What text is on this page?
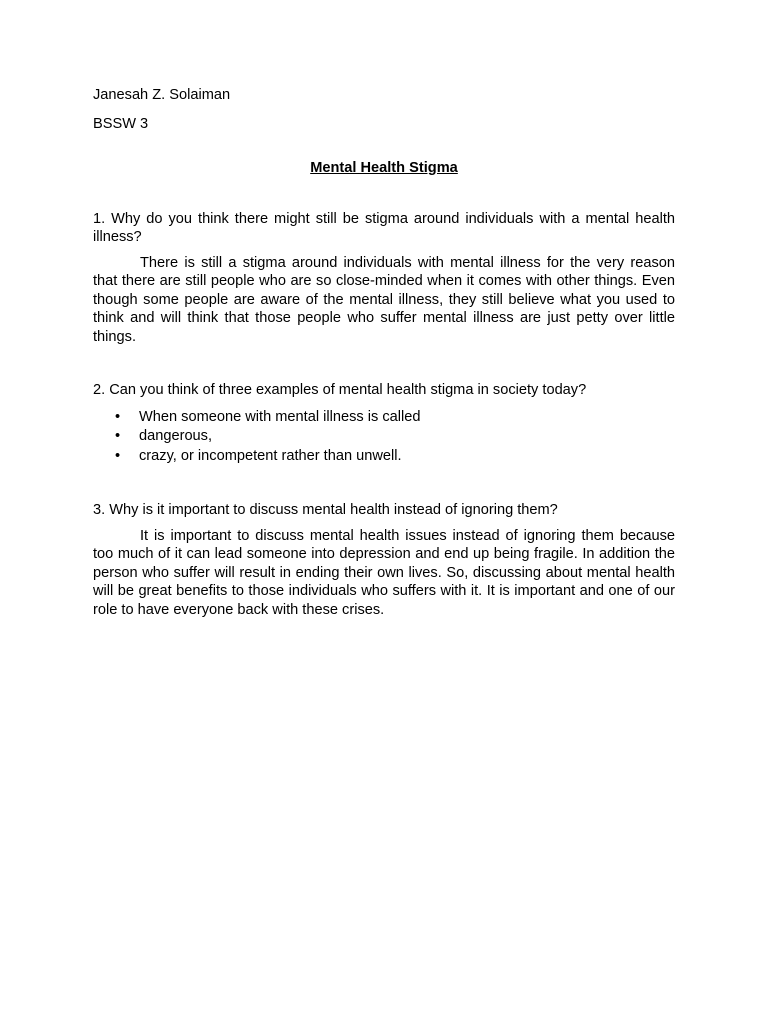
Janesah Z. Solaiman

BSSW 3

Mental Health Stigma

1. Why do you think there might still be stigma around individuals with a mental health illness?

There is still a stigma around individuals with mental illness for the very reason that there are still people who are so close-minded when it comes with other things. Even though some people are aware of the mental illness, they still believe what you used to think and will think that those people who suffer mental illness are just petty over little things.

2. Can you think of three examples of mental health stigma in society today?

• When someone with mental illness is called
• dangerous,
• crazy, or incompetent rather than unwell.

3. Why is it important to discuss mental health instead of ignoring them?

It is important to discuss mental health issues instead of ignoring them because too much of it can lead someone into depression and end up being fragile. In addition the person who suffer will result in ending their own lives. So, discussing about mental health will be great benefits to those individuals who suffers with it. It is important and one of our role to have everyone back with these crises.
